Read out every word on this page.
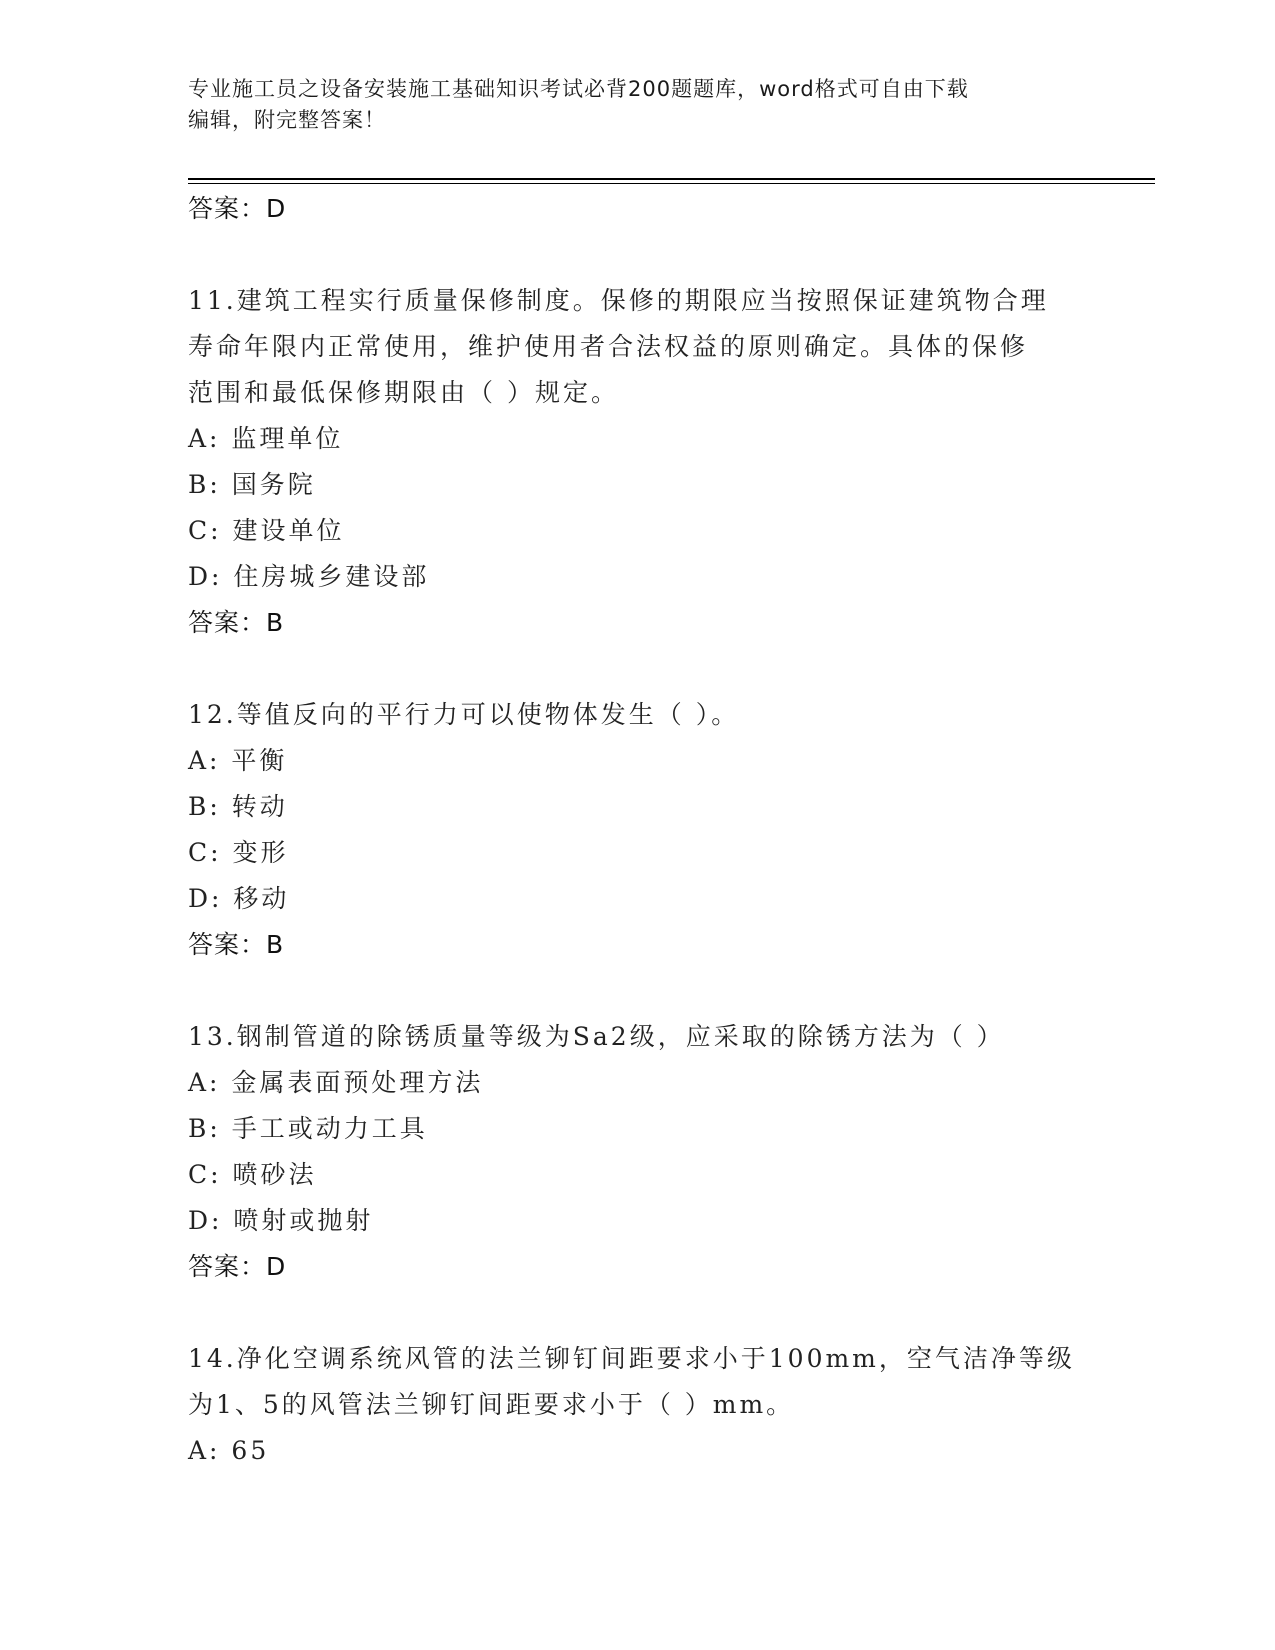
专业施工员之设备安装施工基础知识考试必背200题题库，word格式可自由下载
编辑，附完整答案！
答案：D
11.建筑工程实行质量保修制度。保修的期限应当按照保证建筑物合理
寿命年限内正常使用，维护使用者合法权益的原则确定。具体的保修
范围和最低保修期限由（ ）规定。
A: 监理单位
B: 国务院
C: 建设单位
D: 住房城乡建设部
答案：B
12.等值反向的平行力可以使物体发生（ ）。
A: 平衡
B: 转动
C: 变形
D: 移动
答案：B
13.钢制管道的除锈质量等级为Sa2级，应采取的除锈方法为（ ）
A: 金属表面预处理方法
B: 手工或动力工具
C: 喷砂法
D: 喷射或抛射
答案：D
14.净化空调系统风管的法兰铆钉间距要求小于100mm，空气洁净等级
为1、5的风管法兰铆钉间距要求小于（ ）mm。
A: 65
